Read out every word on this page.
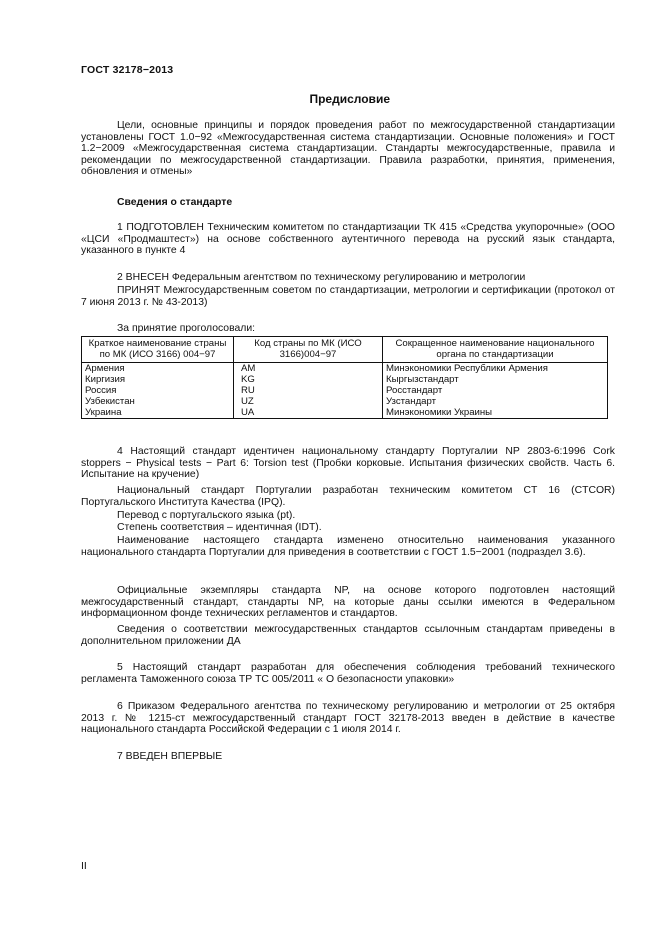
ГОСТ 32178−2013
Предисловие
Цели, основные принципы и порядок проведения работ по межгосударственной стандартизации установлены ГОСТ 1.0−92 «Межгосударственная система стандартизации. Основные положения» и ГОСТ 1.2−2009 «Межгосударственная система стандартизации. Стандарты межгосударственные, правила и рекомендации по межгосударственной стандартизации. Правила разработки, принятия, применения, обновления и отмены»
Сведения о стандарте
1 ПОДГОТОВЛЕН Техническим комитетом по стандартизации ТК 415 «Средства укупорочные» (ООО «ЦСИ «Продмаштест») на основе собственного аутентичного перевода на русский язык стандарта, указанного в пункте 4
2 ВНЕСЕН Федеральным агентством по техническому регулированию и метрологии
ПРИНЯТ Межгосударственным советом по стандартизации, метрологии и сертификации (протокол от 7 июня 2013 г. № 43-2013)
За принятие проголосовали:
Краткое наименование страны по МК (ИСО 3166) 004−97	Код страны по МК (ИСО 3166)004−97	Сокращенное наименование национального органа по стандартизации
Армения	AM	Минэкономики Республики Армения
Киргизия	KG	Кыргызстандарт
Россия	RU	Росстандарт
Узбекистан	UZ	Узстандарт
Украина	UA	Минэкономики Украины
4 Настоящий стандарт идентичен национальному стандарту Португалии NP 2803-6:1996 Cork stoppers − Physical tests − Part 6: Torsion test (Пробки корковые. Испытания физических свойств. Часть 6. Испытание на кручение)
Национальный стандарт Португалии разработан техническим комитетом CT 16 (CTCOR) Португальского Института Качества (IPQ).
Перевод с португальского языка (pt).
Степень соответствия – идентичная (IDT).
Наименование настоящего стандарта изменено относительно наименования указанного национального стандарта Португалии для приведения в соответствии с ГОСТ 1.5−2001 (подраздел 3.6).
Официальные экземпляры стандарта NP, на основе которого подготовлен настоящий межгосударственный стандарт, стандарты NP, на которые даны ссылки имеются в Федеральном информационном фонде технических регламентов и стандартов.
Сведения о соответствии межгосударственных стандартов ссылочным стандартам приведены в дополнительном приложении ДА
5 Настоящий стандарт разработан для обеспечения соблюдения требований технического регламента Таможенного союза ТР ТС 005/2011 « О безопасности упаковки»
6 Приказом Федерального агентства по техническому регулированию и метрологии от 25 октября 2013 г. № 1215-ст межгосударственный стандарт ГОСТ 32178-2013 введен в действие в качестве национального стандарта Российской Федерации с 1 июля 2014 г.
7 ВВЕДЕН ВПЕРВЫЕ
II
